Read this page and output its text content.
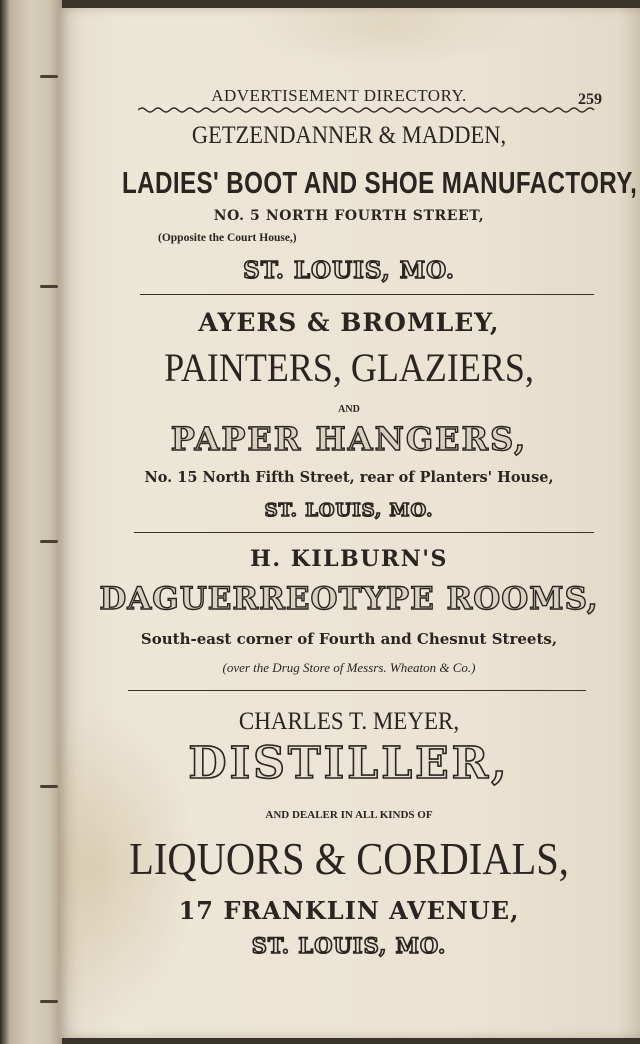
ADVERTISEMENT DIRECTORY.	259

GETZENDANNER & MADDEN,

LADIES' BOOT AND SHOE MANUFACTORY,

NO. 5 NORTH FOURTH STREET,

(Opposite the Court House,)

ST. LOUIS, MO.

AYERS & BROMLEY,

PAINTERS, GLAZIERS,

AND

PAPER HANGERS,

No. 15 North Fifth Street, rear of Planters' House,

ST. LOUIS, MO.

H. KILBURN'S

DAGUERREOTYPE ROOMS,

South-east corner of Fourth and Chesnut Streets,

(over the Drug Store of Messrs. Wheaton & Co.)

CHARLES T. MEYER,

DISTILLER,

AND DEALER IN ALL KINDS OF

LIQUORS & CORDIALS,

17 FRANKLIN AVENUE,

ST. LOUIS, MO.
